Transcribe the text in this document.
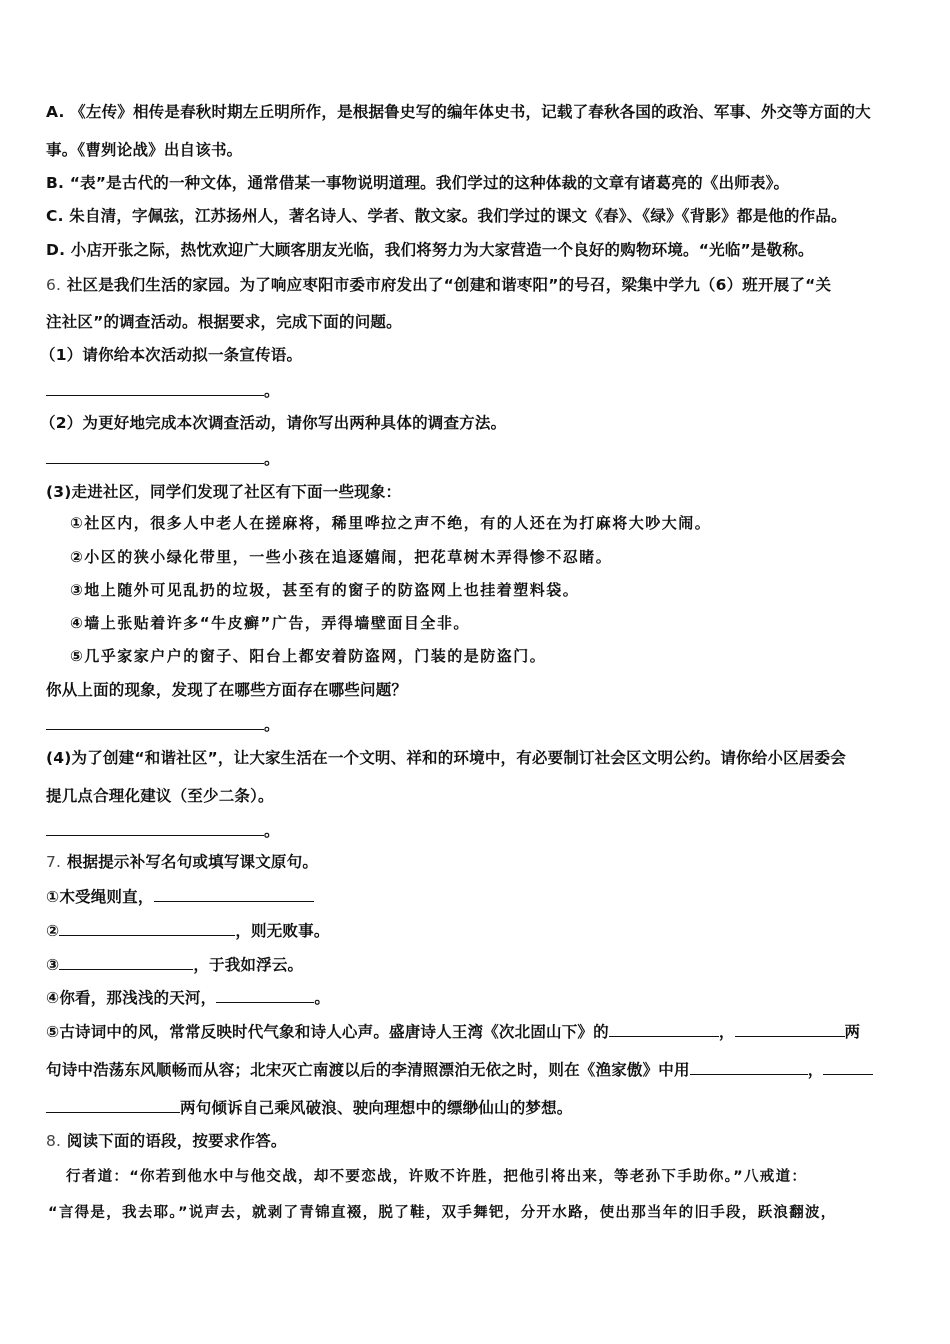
A. 《左传》相传是春秋时期左丘明所作，是根据鲁史写的编年体史书，记载了春秋各国的政治、军事、外交等方面的大
事。《曹刿论战》出自该书。
B. “表”是古代的一种文体，通常借某一事物说明道理。我们学过的这种体裁的文章有诸葛亮的《出师表》。
C. 朱自清，字佩弦，江苏扬州人，著名诗人、学者、散文家。我们学过的课文《春》、《绿》《背影》都是他的作品。
D. 小店开张之际，热忱欢迎广大顾客朋友光临，我们将努力为大家营造一个良好的购物环境。“光临”是敬称。
6. 社区是我们生活的家园。为了响应枣阳市委市府发出了“创建和谐枣阳”的号召，梁集中学九（6）班开展了“关
注社区”的调查活动。根据要求，完成下面的问题。
（1）请你给本次活动拟一条宣传语。
。
（2）为更好地完成本次调查活动，请你写出两种具体的调查方法。
。
(3)走进社区，同学们发现了社区有下面一些现象：
①社区内，很多人中老人在搓麻将，稀里哗拉之声不绝，有的人还在为打麻将大吵大闹。
②小区的狭小绿化带里，一些小孩在追逐嬉闹，把花草树木弄得惨不忍睹。
③地上随外可见乱扔的垃圾，甚至有的窗子的防盗网上也挂着塑料袋。
④墙上张贴着许多“牛皮癣”广告，弄得墙壁面目全非。
⑤几乎家家户户的窗子、阳台上都安着防盗网，门装的是防盗门。
你从上面的现象，发现了在哪些方面存在哪些问题？
。
(4)为了创建“和谐社区”，让大家生活在一个文明、祥和的环境中，有必要制订社会区文明公约。请你给小区居委会
提几点合理化建议（至少二条）。
。
7. 根据提示补写名句或填写课文原句。
①木受绳则直，
②	，则无败事。
③	，于我如浮云。
④你看，那浅浅的天河，	。
⑤古诗词中的风，常常反映时代气象和诗人心声。盛唐诗人王湾《次北固山下》的	，	两
句诗中浩荡东风顺畅而从容；北宋灭亡南渡以后的李清照漂泊无依之时，则在《渔家傲》中用	，
两句倾诉自己乘风破浪、驶向理想中的缥缈仙山的梦想。
8. 阅读下面的语段，按要求作答。
行者道：“你若到他水中与他交战，却不要恋战，许败不许胜，把他引将出来，等老孙下手助你。”八戒道：
“言得是，我去耶。”说声去，就剥了青锦直裰，脱了鞋，双手舞钯，分开水路，使出那当年的旧手段，跃浪翻波，
